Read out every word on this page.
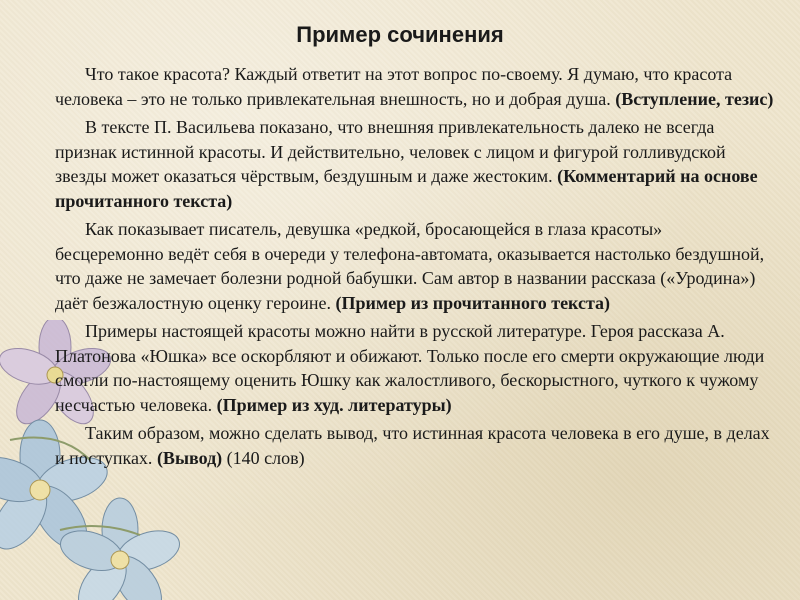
Пример сочинения

Что такое красота? Каждый ответит на этот вопрос по-своему. Я думаю, что красота человека – это не только привлекательная внешность, но и добрая душа. (Вступление, тезис)

В тексте П. Васильева показано, что внешняя привлекательность далеко не всегда признак истинной красоты. И действительно, человек с лицом и фигурой голливудской звезды может оказаться чёрствым, бездушным и даже жестоким. (Комментарий на основе прочитанного текста)

Как показывает писатель, девушка «редкой, бросающейся в глаза красоты» бесцеремонно ведёт себя в очереди у телефона-автомата, оказывается настолько бездушной, что даже не замечает болезни родной бабушки. Сам автор в названии рассказа («Уродина») даёт безжалостную оценку героине. (Пример из прочитанного текста)

Примеры настоящей красоты можно найти в русской литературе. Героя рассказа А. Платонова «Юшка» все оскорбляют и обижают. Только после его смерти окружающие люди смогли по-настоящему оценить Юшку как жалостливого, бескорыстного, чуткого к чужому несчастью человека. (Пример из худ. литературы)

Таким образом, можно сделать вывод, что истинная красота человека в его душе, в делах и поступках. (Вывод) (140 слов)
